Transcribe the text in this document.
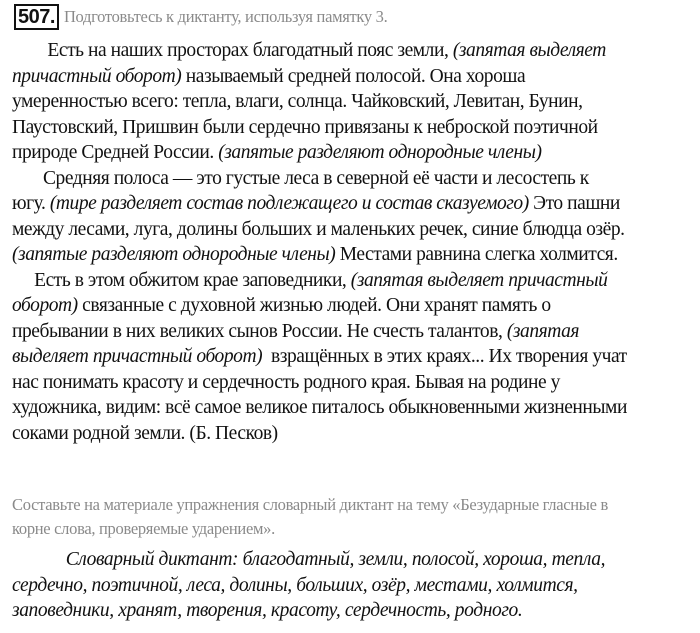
507. Подготовьтесь к диктанту, используя памятку 3.
Есть на наших просторах благодатный пояс земли, (запятая выделяет
причастный оборот) называемый средней полосой. Она хороша
умеренностью всего: тепла, влаги, солнца. Чайковский, Левитан, Бунин,
Паустовский, Пришвин были сердечно привязаны к неброской поэтичной
природе Средней России. (запятые разделяют однородные члены)
Средняя полоса — это густые леса в северной её части и лесостепь к
югу. (тире разделяет состав подлежащего и состав сказуемого) Это пашни
между лесами, луга, долины больших и маленьких речек, синие блюдца озёр.
(запятые разделяют однородные члены) Местами равнина слегка холмится.
Есть в этом обжитом крае заповедники, (запятая выделяет причастный
оборот) связанные с духовной жизнью людей. Они хранят память о
пребывании в них великих сынов России. Не счесть талантов, (запятая
выделяет причастный оборот)  взращённых в этих краях... Их творения учат
нас понимать красоту и сердечность родного края. Бывая на родине у
художника, видим: всё самое великое питалось обыкновенными жизненными
соками родной земли. (Б. Песков)
Составьте на материале упражнения словарный диктант на тему «Безударные гласные в
корне слова, проверяемые ударением».
Словарный диктант: благодатный, земли, полосой, хороша, тепла,
сердечно, поэтичной, леса, долины, больших, озёр, местами, холмится,
заповедники, хранят, творения, красоту, сердечность, родного.
